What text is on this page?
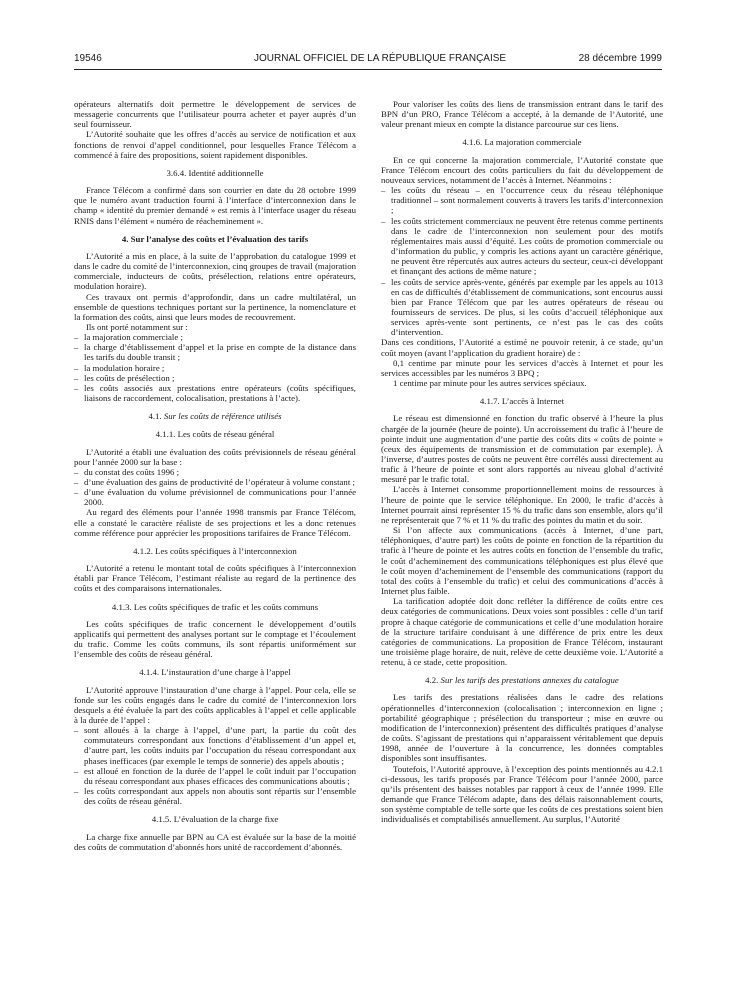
19546	JOURNAL OFFICIEL DE LA RÉPUBLIQUE FRANÇAISE	28 décembre 1999

opérateurs alternatifs doit permettre le développement de services de messagerie concurrents que l’utilisateur pourra acheter et payer auprès d’un seul fournisseur.

L’Autorité souhaite que les offres d’accès au service de notification et aux fonctions de renvoi d’appel conditionnel, pour lesquelles France Télécom a commencé à faire des propositions, soient rapidement disponibles.

3.6.4. Identité additionnelle

France Télécom a confirmé dans son courrier en date du 28 octobre 1999 que le numéro avant traduction fourni à l’interface d’interconnexion dans le champ « identité du premier demandé » est remis à l’interface usager du réseau RNIS dans l’élément « numéro de réacheminement ».

4. Sur l’analyse des coûts et l’évaluation des tarifs

L’Autorité a mis en place, à la suite de l’approbation du catalogue 1999 et dans le cadre du comité de l’interconnexion, cinq groupes de travail (majoration commerciale, inducteurs de coûts, présélection, relations entre opérateurs, modulation horaire).

Ces travaux ont permis d’approfondir, dans un cadre multilatéral, un ensemble de questions techniques portant sur la pertinence, la nomenclature et la formation des coûts, ainsi que leurs modes de recouvrement.

Ils ont porté notamment sur :

– la majoration commerciale ;
– la charge d’établissement d’appel et la prise en compte de la distance dans les tarifs du double transit ;
– la modulation horaire ;
– les coûts de présélection ;
– les coûts associés aux prestations entre opérateurs (coûts spécifiques, liaisons de raccordement, colocalisation, prestations à l’acte).
4.1. Sur les coûts de référence utilisés
4.1.1. Les coûts de réseau général

L’Autorité a établi une évaluation des coûts prévisionnels de réseau général pour l’année 2000 sur la base :

– du constat des coûts 1996 ;
– d’une évaluation des gains de productivité de l’opérateur à volume constant ;
– d’une évaluation du volume prévisionnel de communications pour l’année 2000.

Au regard des éléments pour l’année 1998 transmis par France Télécom, elle a constaté le caractère réaliste de ses projections et les a donc retenues comme référence pour apprécier les propositions tarifaires de France Télécom.

4.1.2. Les coûts spécifiques à l’interconnexion

L’Autorité a retenu le montant total de coûts spécifiques à l’interconnexion établi par France Télécom, l’estimant réaliste au regard de la pertinence des coûts et des comparaisons internationales.

4.1.3. Les coûts spécifiques de trafic et les coûts communs

Les coûts spécifiques de trafic concernent le développement d’outils applicatifs qui permettent des analyses portant sur le comptage et l’écoulement du trafic. Comme les coûts communs, ils sont répartis uniformément sur l’ensemble des coûts de réseau général.

4.1.4. L’instauration d’une charge à l’appel

L’Autorité approuve l’instauration d’une charge à l’appel. Pour cela, elle se fonde sur les coûts engagés dans le cadre du comité de l’interconnexion lors desquels a été évaluée la part des coûts applicables à l’appel et celle applicable à la durée de l’appel :

– sont alloués à la charge à l’appel, d’une part, la partie du coût des commutateurs correspondant aux fonctions d’établissement d’un appel et, d’autre part, les coûts induits par l’occupation du réseau correspondant aux phases inefficaces (par exemple le temps de sonnerie) des appels aboutis ;
– est alloué en fonction de la durée de l’appel le coût induit par l’occupation du réseau correspondant aux phases efficaces des communications aboutis ;
– les coûts correspondant aux appels non aboutis sont répartis sur l’ensemble des coûts de réseau général.
4.1.5. L’évaluation de la charge fixe

La charge fixe annuelle par BPN au CA est évaluée sur la base de la moitié des coûts de commutation d’abonnés hors unité de raccordement d’abonnés.

Pour valoriser les coûts des liens de transmission entrant dans le tarif des BPN d’un PRO, France Télécom a accepté, à la demande de l’Autorité, une valeur prenant mieux en compte la distance parcourue sur ces liens.

4.1.6. La majoration commerciale

En ce qui concerne la majoration commerciale, l’Autorité constate que France Télécom encourt des coûts particuliers du fait du développement de nouveaux services, notamment de l’accès à Internet. Néanmoins :

– les coûts du réseau – en l’occurrence ceux du réseau téléphonique traditionnel – sont normalement couverts à travers les tarifs d’interconnexion ;
– les coûts strictement commerciaux ne peuvent être retenus comme pertinents dans le cadre de l’interconnexion non seulement pour des motifs réglementaires mais aussi d’équité. Les coûts de promotion commerciale ou d’information du public, y compris les actions ayant un caractère générique, ne peuvent être répercutés aux autres acteurs du secteur, ceux-ci développant et finançant des actions de même nature ;
– les coûts de service après-vente, générés par exemple par les appels au 1013 en cas de difficultés d’établissement de communications, sont encourus aussi bien par France Télécom que par les autres opérateurs de réseau ou fournisseurs de services. De plus, si les coûts d’accueil téléphonique aux services après-vente sont pertinents, ce n’est pas le cas des coûts d’intervention.

Dans ces conditions, l’Autorité a estimé ne pouvoir retenir, à ce stade, qu’un coût moyen (avant l’application du gradient horaire) de :

0,1 centime par minute pour les services d’accès à Internet et pour les services accessibles par les numéros 3 BPQ ;

1 centime par minute pour les autres services spéciaux.

4.1.7. L’accès à Internet

Le réseau est dimensionné en fonction du trafic observé à l’heure la plus chargée de la journée (heure de pointe). Un accroissement du trafic à l’heure de pointe induit une augmentation d’une partie des coûts dits « coûts de pointe » (ceux des équipements de transmission et de commutation par exemple). À l’inverse, d’autres postes de coûts ne peuvent être corrélés aussi directement au trafic à l’heure de pointe et sont alors rapportés au niveau global d’activité mesuré par le trafic total.

L’accès à Internet consomme proportionnellement moins de ressources à l’heure de pointe que le service téléphonique. En 2000, le trafic d’accès à Internet pourrait ainsi représenter 15 % du trafic dans son ensemble, alors qu’il ne représenterait que 7 % et 11 % du trafic des pointes du matin et du soir.

Si l’on affecte aux communications (accès à Internet, d’une part, téléphoniques, d’autre part) les coûts de pointe en fonction de la répartition du trafic à l’heure de pointe et les autres coûts en fonction de l’ensemble du trafic, le coût d’acheminement des communications téléphoniques est plus élevé que le coût moyen d’acheminement de l’ensemble des communications (rapport du total des coûts à l’ensemble du trafic) et celui des communications d’accès à Internet plus faible.

La tarification adoptée doit donc refléter la différence de coûts entre ces deux catégories de communications. Deux voies sont possibles : celle d’un tarif propre à chaque catégorie de communications et celle d’une modulation horaire de la structure tarifaire conduisant à une différence de prix entre les deux catégories de communications. La proposition de France Télécom, instaurant une troisième plage horaire, de nuit, relève de cette deuxième voie. L’Autorité a retenu, à ce stade, cette proposition.

4.2. Sur les tarifs des prestations annexes du catalogue

Les tarifs des prestations réalisées dans le cadre des relations opérationnelles d’interconnexion (colocalisation ; interconnexion en ligne ; portabilité géographique ; présélection du transporteur ; mise en œuvre ou modification de l’interconnexion) présentent des difficultés pratiques d’analyse de coûts. S’agissant de prestations qui n’apparaissent véritablement que depuis 1998, année de l’ouverture à la concurrence, les données comptables disponibles sont insuffisantes.

Toutefois, l’Autorité approuve, à l’exception des points mentionnés au 4.2.1 ci-dessous, les tarifs proposés par France Télécom pour l’année 2000, parce qu’ils présentent des baisses notables par rapport à ceux de l’année 1999. Elle demande que France Télécom adapte, dans des délais raisonnablement courts, son système comptable de telle sorte que les coûts de ces prestations soient bien individualisés et comptabilisés annuellement. Au surplus, l’Autorité
